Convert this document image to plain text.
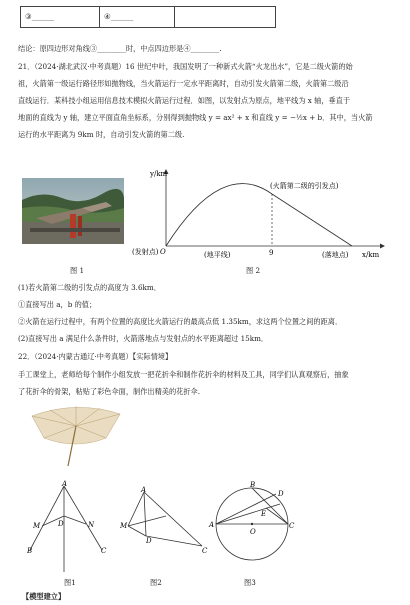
③______	④______	
结论：原四边形对角线③________时，中点四边形是④________.
21．（2024·湖北武汉·中考真题）16 世纪中叶，我国发明了一种新式火箭“火龙出水”，它是二级火箭的始
祖，火箭第一级运行路径形如抛物线，当火箭运行一定水平距离时，自动引发火箭第二级，火箭第二级沿
直线运行．某科技小组运用信息技术模拟火箭运行过程．如图，以发射点为原点，地平线为 x 轴，垂直于
地面的直线为 y 轴，建立平面直角坐标系，分别得到抛物线 y = ax² + x 和直线 y = −½x + b．其中，当火箭
运行的水平距离为 9km 时，自动引发火箭的第二级.
y/km
x/km
O
(发射点)	(地平线)	(落地点)
(火箭第二级的引发点)
9
图 1	图 2
(1)若火箭第二级的引发点的高度为 3.6km．
①直接写出 a，b 的值；
②火箭在运行过程中，有两个位置的高度比火箭运行的最高点低 1.35km，求这两个位置之间的距离．
(2)直接写出 a 满足什么条件时，火箭落地点与发射点的水平距离超过 15km．
22．（2024·内蒙古通辽·中考真题）【实际情境】
手工课堂上，老师给每个制作小组发放一把花折伞和制作花折伞的材料及工具，同学们认真观察后，抽象
了花折伞的骨架，粘贴了彩色伞面，制作出精美的花折伞.
A
B	C
D
M	N
A
M
D
C
B
A	C
D
E
O
图1	图2	图3
【模型建立】
